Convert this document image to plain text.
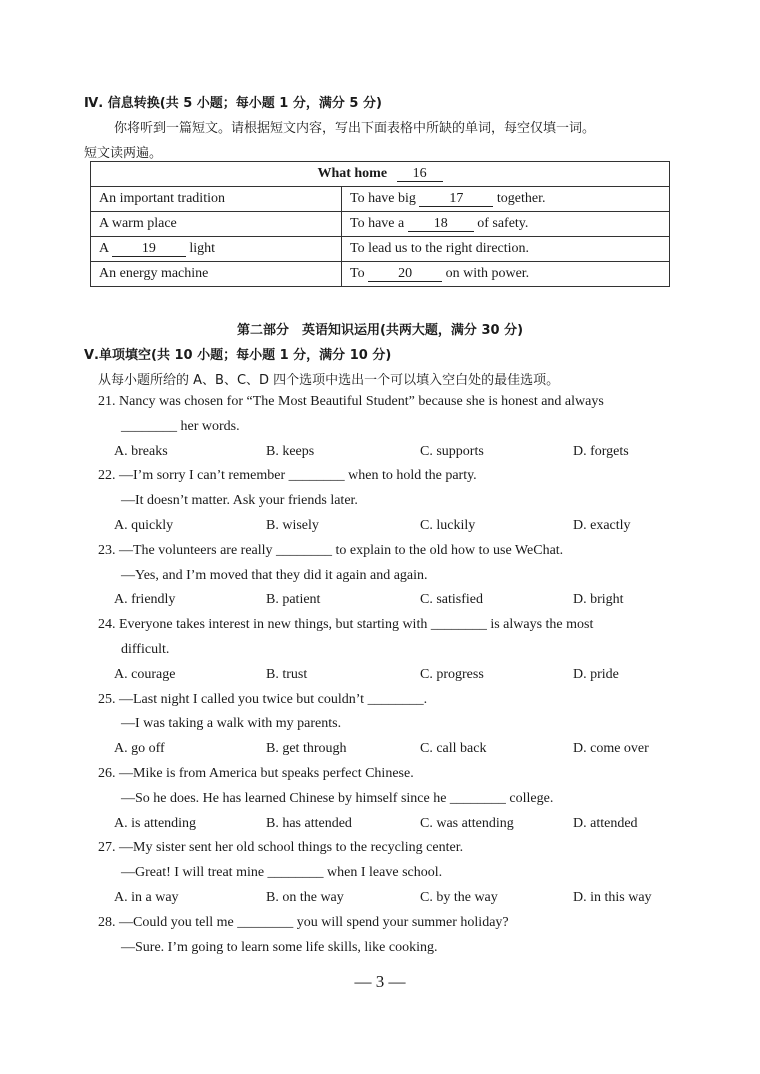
Ⅳ. 信息转换(共 5 小题；每小题 1 分，满分 5 分)
你将听到一篇短文。请根据短文内容，写出下面表格中所缺的单词，每空仅填一词。
短文读两遍。
What home 16	
An important tradition	To have big 17 together.
A warm place	To have a 18 of safety.
A 19 light	To lead us to the right direction.
An energy machine	To 20 on with power.
第二部分　英语知识运用(共两大题，满分 30 分)
Ⅴ.单项填空(共 10 小题；每小题 1 分，满分 10 分)
从每小题所给的 A、B、C、D 四个选项中选出一个可以填入空白处的最佳选项。
21. Nancy was chosen for “The Most Beautiful Student” because she is honest and always
________ her words.
A. breaks	B. keeps	C. supports	D. forgets
22. —I’m sorry I can’t remember ________ when to hold the party.
—It doesn’t matter. Ask your friends later.
A. quickly	B. wisely	C. luckily	D. exactly
23. —The volunteers are really ________ to explain to the old how to use WeChat.
—Yes, and I’m moved that they did it again and again.
A. friendly	B. patient	C. satisfied	D. bright
24. Everyone takes interest in new things, but starting with ________ is always the most
difficult.
A. courage	B. trust	C. progress	D. pride
25. —Last night I called you twice but couldn’t ________.
—I was taking a walk with my parents.
A. go off	B. get through	C. call back	D. come over
26. —Mike is from America but speaks perfect Chinese.
—So he does. He has learned Chinese by himself since he ________ college.
A. is attending	B. has attended	C. was attending	D. attended
27. —My sister sent her old school things to the recycling center.
—Great! I will treat mine ________ when I leave school.
A. in a way	B. on the way	C. by the way	D. in this way
28. —Could you tell me ________ you will spend your summer holiday?
—Sure. I’m going to learn some life skills, like cooking.
— 3 —
